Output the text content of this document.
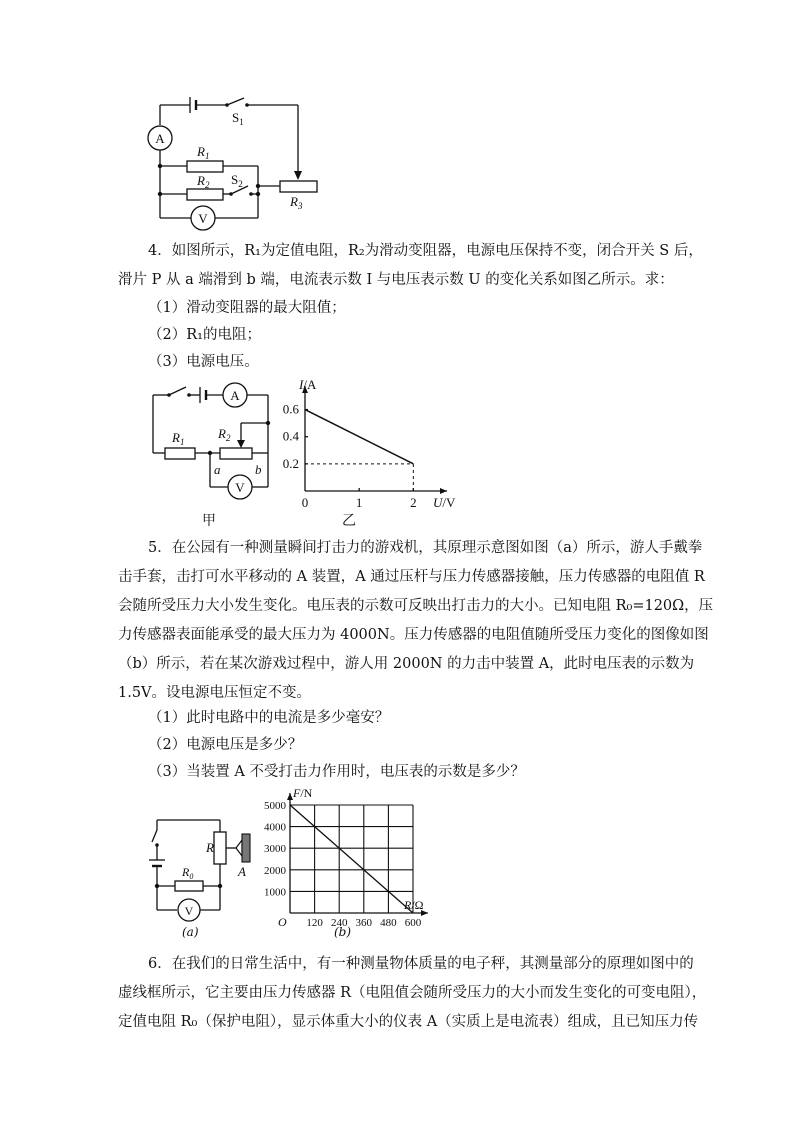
$S_1$
A
$R_1$
$R_2$ $S_2$
$R_3$
V
4．如图所示，R₁为定值电阻，R₂为滑动变阻器，电源电压保持不变，闭合开关 S 后，
滑片 P 从 a 端滑到 b 端，电流表示数 I 与电压表示数 U 的变化关系如图乙所示。求：
（1）滑动变阻器的最大阻值；
（2）R₁的电阻；
（3）电源电压。
A
$R_1$
$R_2$
a	b
V
甲
I/A
U/V
0	1	2
0.2
0.4
0.6
乙
5．在公园有一种测量瞬间打击力的游戏机，其原理示意图如图（a）所示，游人手戴拳
击手套，击打可水平移动的 A 装置，A 通过压杆与压力传感器接触，压力传感器的电阻值 R
会随所受压力大小发生变化。电压表的示数可反映出打击力的大小。已知电阻 R₀=120Ω，压
力传感器表面能承受的最大压力为 4000N。压力传感器的电阻值随所受压力变化的图像如图
（b）所示，若在某次游戏过程中，游人用 2000N 的力击中装置 A，此时电压表的示数为
1.5V。设电源电压恒定不变。
（1）此时电路中的电流是多少毫安？
（2）电源电压是多少？
（3）当装置 A 不受打击力作用时，电压表的示数是多少？
R
A
$R_0$
V
(a)
F/N
R/Ω
O 120 240 360 480 600
1000
2000
3000
4000
5000
(b)
6．在我们的日常生活中，有一种测量物体质量的电子秤，其测量部分的原理如图中的
虚线框所示，它主要由压力传感器 R（电阻值会随所受压力的大小而发生变化的可变电阻），
定值电阻 R₀（保护电阻），显示体重大小的仪表 A（实质上是电流表）组成，且已知压力传
